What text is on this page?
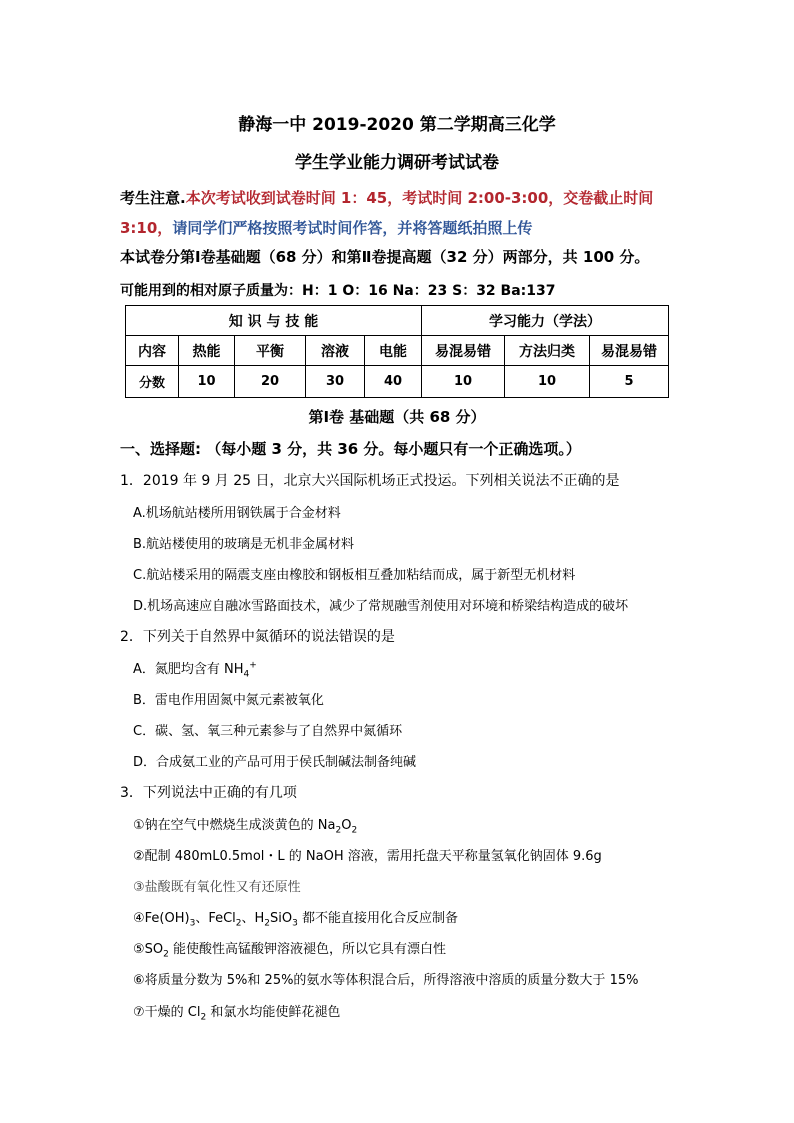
静海一中 2019-2020 第二学期高三化学
学生学业能力调研考试试卷
考生注意.本次考试收到试卷时间 1：45，考试时间 2:00-3:00，交卷截止时间 3:10，请同学们严格按照考试时间作答，并将答题纸拍照上传
本试卷分第Ⅰ卷基础题（68 分）和第Ⅱ卷提高题（32 分）两部分，共 100 分。
可能用到的相对原子质量为：H：1 O：16 Na：23 S：32 Ba:137
知 识 与 技 能					学习能力（学法）		
内容	热能	平衡	溶液	电能	易混易错	方法归类	易混易错
分数	10	20	30	40	10	10	5
第Ⅰ卷 基础题（共 68 分）
一、选择题: （每小题 3 分，共 36 分。每小题只有一个正确选项。）
1．2019 年 9 月 25 日，北京大兴国际机场正式投运。下列相关说法不正确的是
A.机场航站楼所用钢铁属于合金材料
B.航站楼使用的玻璃是无机非金属材料
C.航站楼采用的隔震支座由橡胶和钢板相互叠加粘结而成，属于新型无机材料
D.机场高速应自融冰雪路面技术，减少了常规融雪剂使用对环境和桥梁结构造成的破坏
2．下列关于自然界中氮循环的说法错误的是
A．氮肥均含有 $NH_4^+$
B．雷电作用固氮中氮元素被氧化
C．碳、氢、氧三种元素参与了自然界中氮循环
D．合成氨工业的产品可用于侯氏制碱法制备纯碱
3．下列说法中正确的有几项
①钠在空气中燃烧生成淡黄色的 $Na_2O_2$
②配制 480mL0.5mol・L 的 NaOH 溶液，需用托盘天平称量氢氧化钠固体 9.6g
③盐酸既有氧化性又有还原性
$④Fe(OH)_3$、FeCl$_2$、$H_2SiO_3$ 都不能直接用化合反应制备
$⑤SO_2$ 能使酸性高锰酸钾溶液褪色，所以它具有漂白性
⑥将质量分数为 5%和 25%的氨水等体积混合后，所得溶液中溶质的质量分数大于 15%
⑦干燥的 $Cl_2$ 和氯水均能使鲜花褪色
